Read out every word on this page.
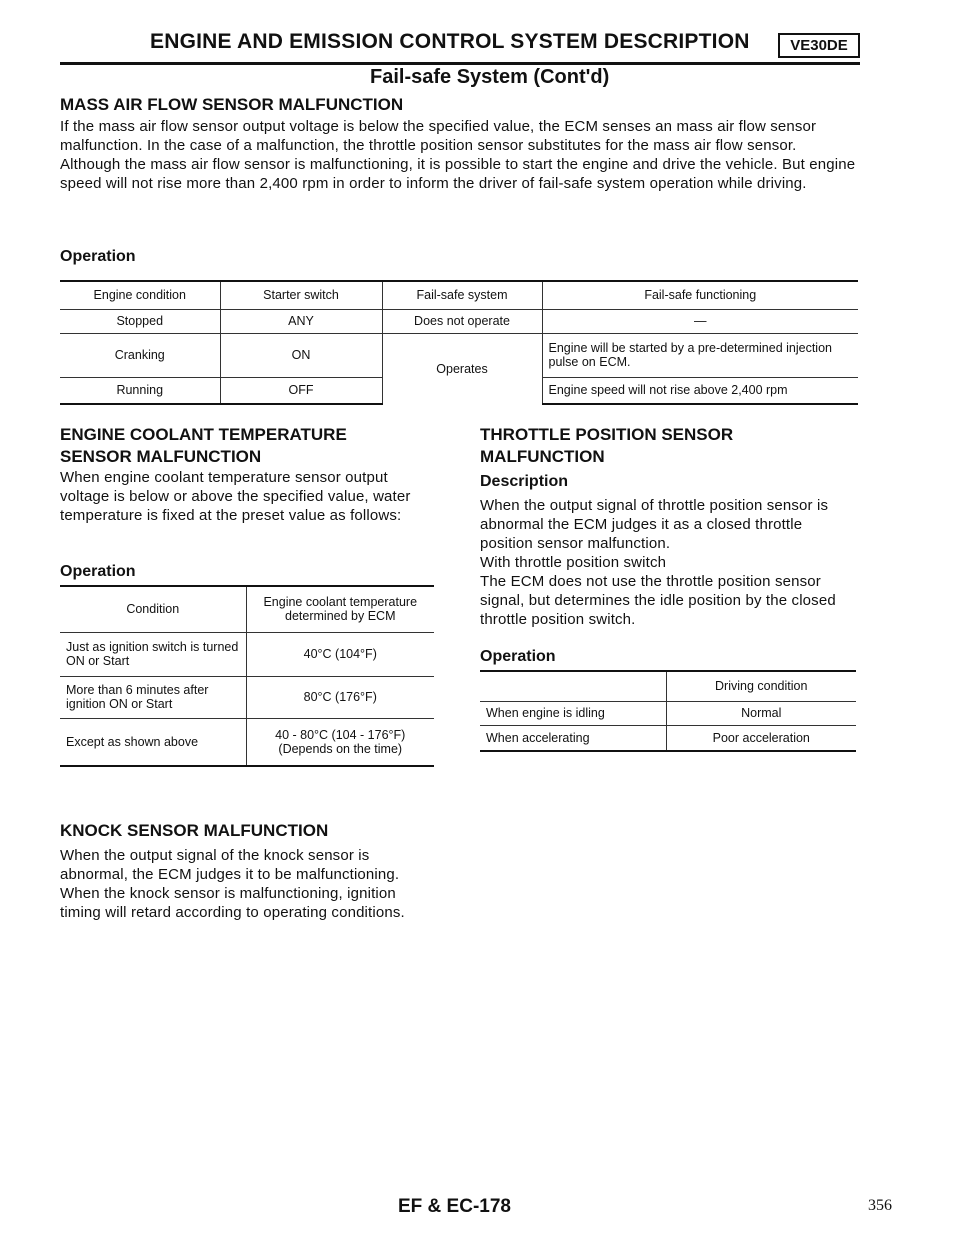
ENGINE AND EMISSION CONTROL SYSTEM DESCRIPTION	VE30DE
Fail-safe System (Cont'd)
MASS AIR FLOW SENSOR MALFUNCTION

If the mass air flow sensor output voltage is below the specified value, the ECM senses an mass air flow sensor malfunction. In the case of a malfunction, the throttle position sensor substitutes for the mass air flow sensor.

Although the mass air flow sensor is malfunctioning, it is possible to start the engine and drive the vehicle. But engine speed will not rise more than 2,400 rpm in order to inform the driver of fail-safe system operation while driving.

Operation
Engine condition	Starter switch	Fail-safe system	Fail-safe functioning
Stopped	ANY	Does not operate	—
Cranking	ON	Operates	Engine will be started by a pre-determined injection pulse on ECM.
Running	OFF		Engine speed will not rise above 2,400 rpm
ENGINE COOLANT TEMPERATURE
SENSOR MALFUNCTION
When engine coolant temperature sensor output voltage is below or above the specified value, water temperature is fixed at the preset value as follows:
Operation
Condition	Engine coolant temperature determined by ECM
Just as ignition switch is turned ON or Start	40°C (104°F)
More than 6 minutes after ignition ON or Start	80°C (176°F)
Except as shown above	40 - 80°C (104 - 176°F) (Depends on the time)
THROTTLE POSITION SENSOR
MALFUNCTION
Description

When the output signal of throttle position sensor is abnormal the ECM judges it as a closed throttle position sensor malfunction.

With throttle position switch

The ECM does not use the throttle position sensor signal, but determines the idle position by the closed throttle position switch.

Operation
	Driving condition
When engine is idling	Normal
When accelerating	Poor acceleration
KNOCK SENSOR MALFUNCTION
When the output signal of the knock sensor is abnormal, the ECM judges it to be malfunctioning. When the knock sensor is malfunctioning, ignition timing will retard according to operating conditions.
EF & EC-178	356
